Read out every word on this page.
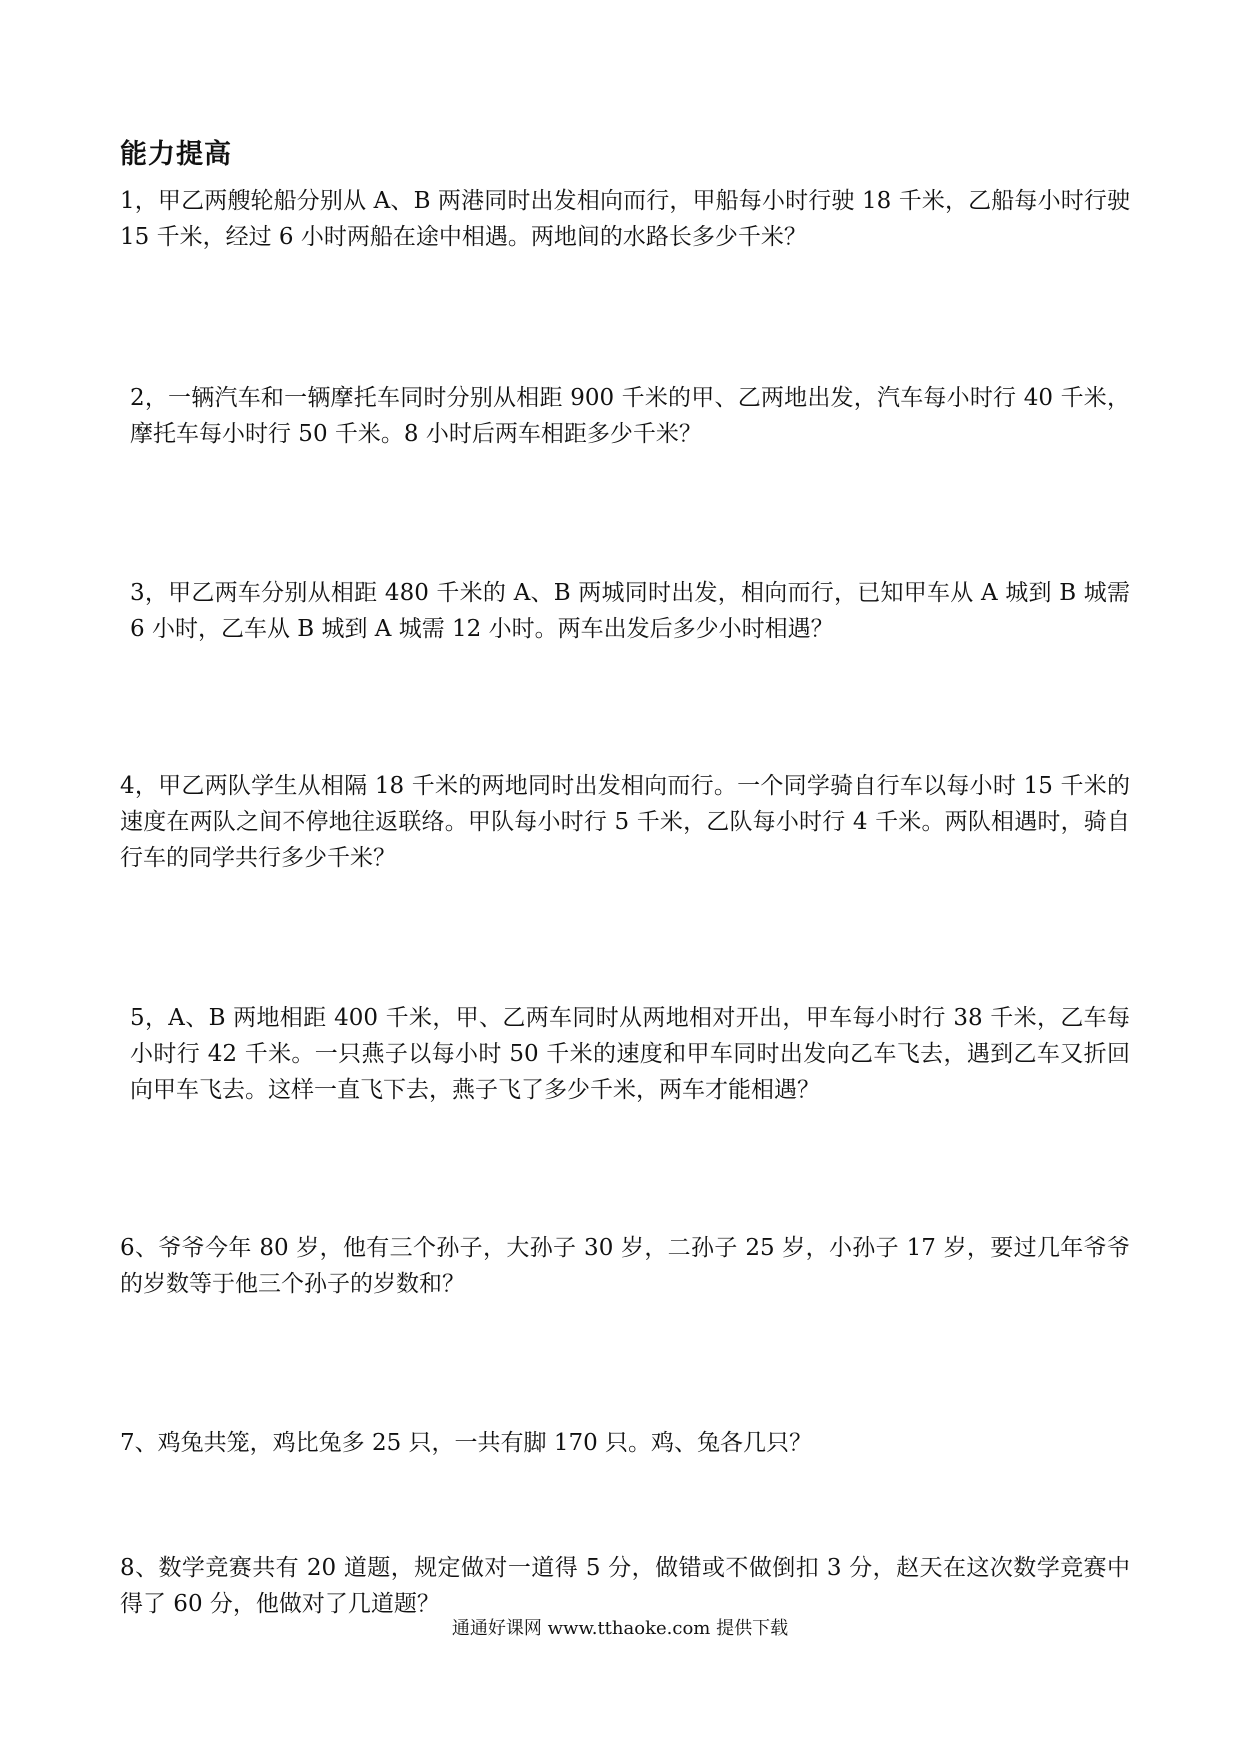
能力提高

1，甲乙两艘轮船分别从 A、B 两港同时出发相向而行，甲船每小时行驶 18 千米，乙船每小时行驶 15 千米，经过 6 小时两船在途中相遇。两地间的水路长多少千米？

2，一辆汽车和一辆摩托车同时分别从相距 900 千米的甲、乙两地出发，汽车每小时行 40 千米，摩托车每小时行 50 千米。8 小时后两车相距多少千米？

3，甲乙两车分别从相距 480 千米的 A、B 两城同时出发，相向而行，已知甲车从 A 城到 B 城需 6 小时，乙车从 B 城到 A 城需 12 小时。两车出发后多少小时相遇？

4，甲乙两队学生从相隔 18 千米的两地同时出发相向而行。一个同学骑自行车以每小时 15 千米的速度在两队之间不停地往返联络。甲队每小时行 5 千米，乙队每小时行 4 千米。两队相遇时，骑自行车的同学共行多少千米？

5，A、B 两地相距 400 千米，甲、乙两车同时从两地相对开出，甲车每小时行 38 千米，乙车每小时行 42 千米。一只燕子以每小时 50 千米的速度和甲车同时出发向乙车飞去，遇到乙车又折回向甲车飞去。这样一直飞下去，燕子飞了多少千米，两车才能相遇？

6、爷爷今年 80 岁，他有三个孙子，大孙子 30 岁，二孙子 25 岁，小孙子 17 岁，要过几年爷爷的岁数等于他三个孙子的岁数和？

7、鸡兔共笼，鸡比兔多 25 只，一共有脚 170 只。鸡、兔各几只？

8、数学竞赛共有 20 道题，规定做对一道得 5 分，做错或不做倒扣 3 分，赵天在这次数学竞赛中得了 60 分，他做对了几道题？

通通好课网 www.tthaoke.com 提供下载
